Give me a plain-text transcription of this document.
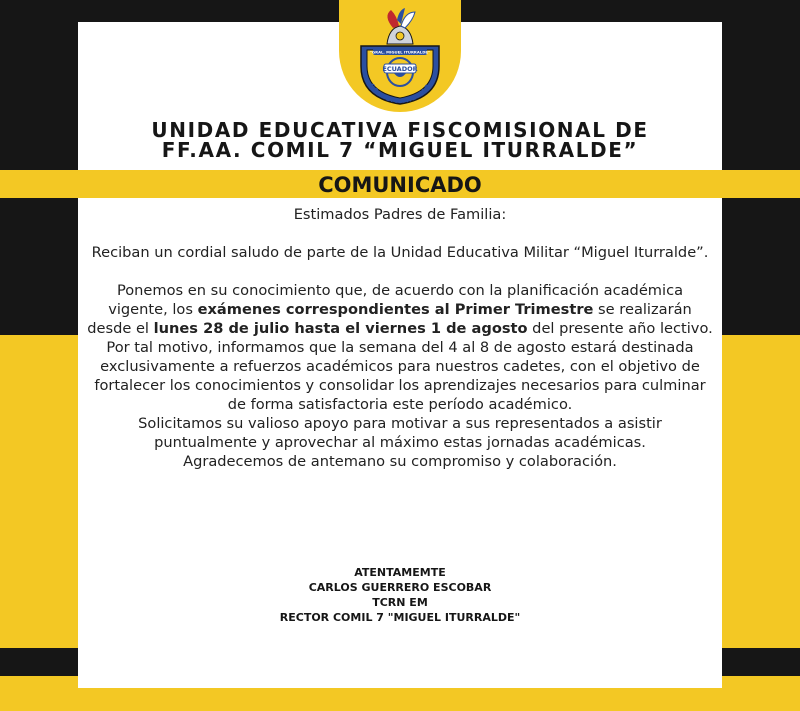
ECUADOR
"GRAL. MIGUEL ITURRALDE"
COLEGIO MILITAR
UNIDAD EDUCATIVA FISCOMISIONAL DE
FF.AA. COMIL 7 “MIGUEL ITURRALDE”
COMUNICADO

Estimados Padres de Familia:

Reciban un cordial saludo de parte de la Unidad Educativa Militar “Miguel Iturralde”.

Ponemos en su conocimiento que, de acuerdo con la planificación académica vigente, los exámenes correspondientes al Primer Trimestre se realizarán desde el lunes 28 de julio hasta el viernes 1 de agosto del presente año lectivo.

Por tal motivo, informamos que la semana del 4 al 8 de agosto estará destinada exclusivamente a refuerzos académicos para nuestros cadetes, con el objetivo de fortalecer los conocimientos y consolidar los aprendizajes necesarios para culminar de forma satisfactoria este período académico.

Solicitamos su valioso apoyo para motivar a sus representados a asistir puntualmente y aprovechar al máximo estas jornadas académicas.

Agradecemos de antemano su compromiso y colaboración.

ATENTAMEMTE
CARLOS GUERRERO ESCOBAR
TCRN EM
RECTOR COMIL 7 "MIGUEL ITURRALDE"
